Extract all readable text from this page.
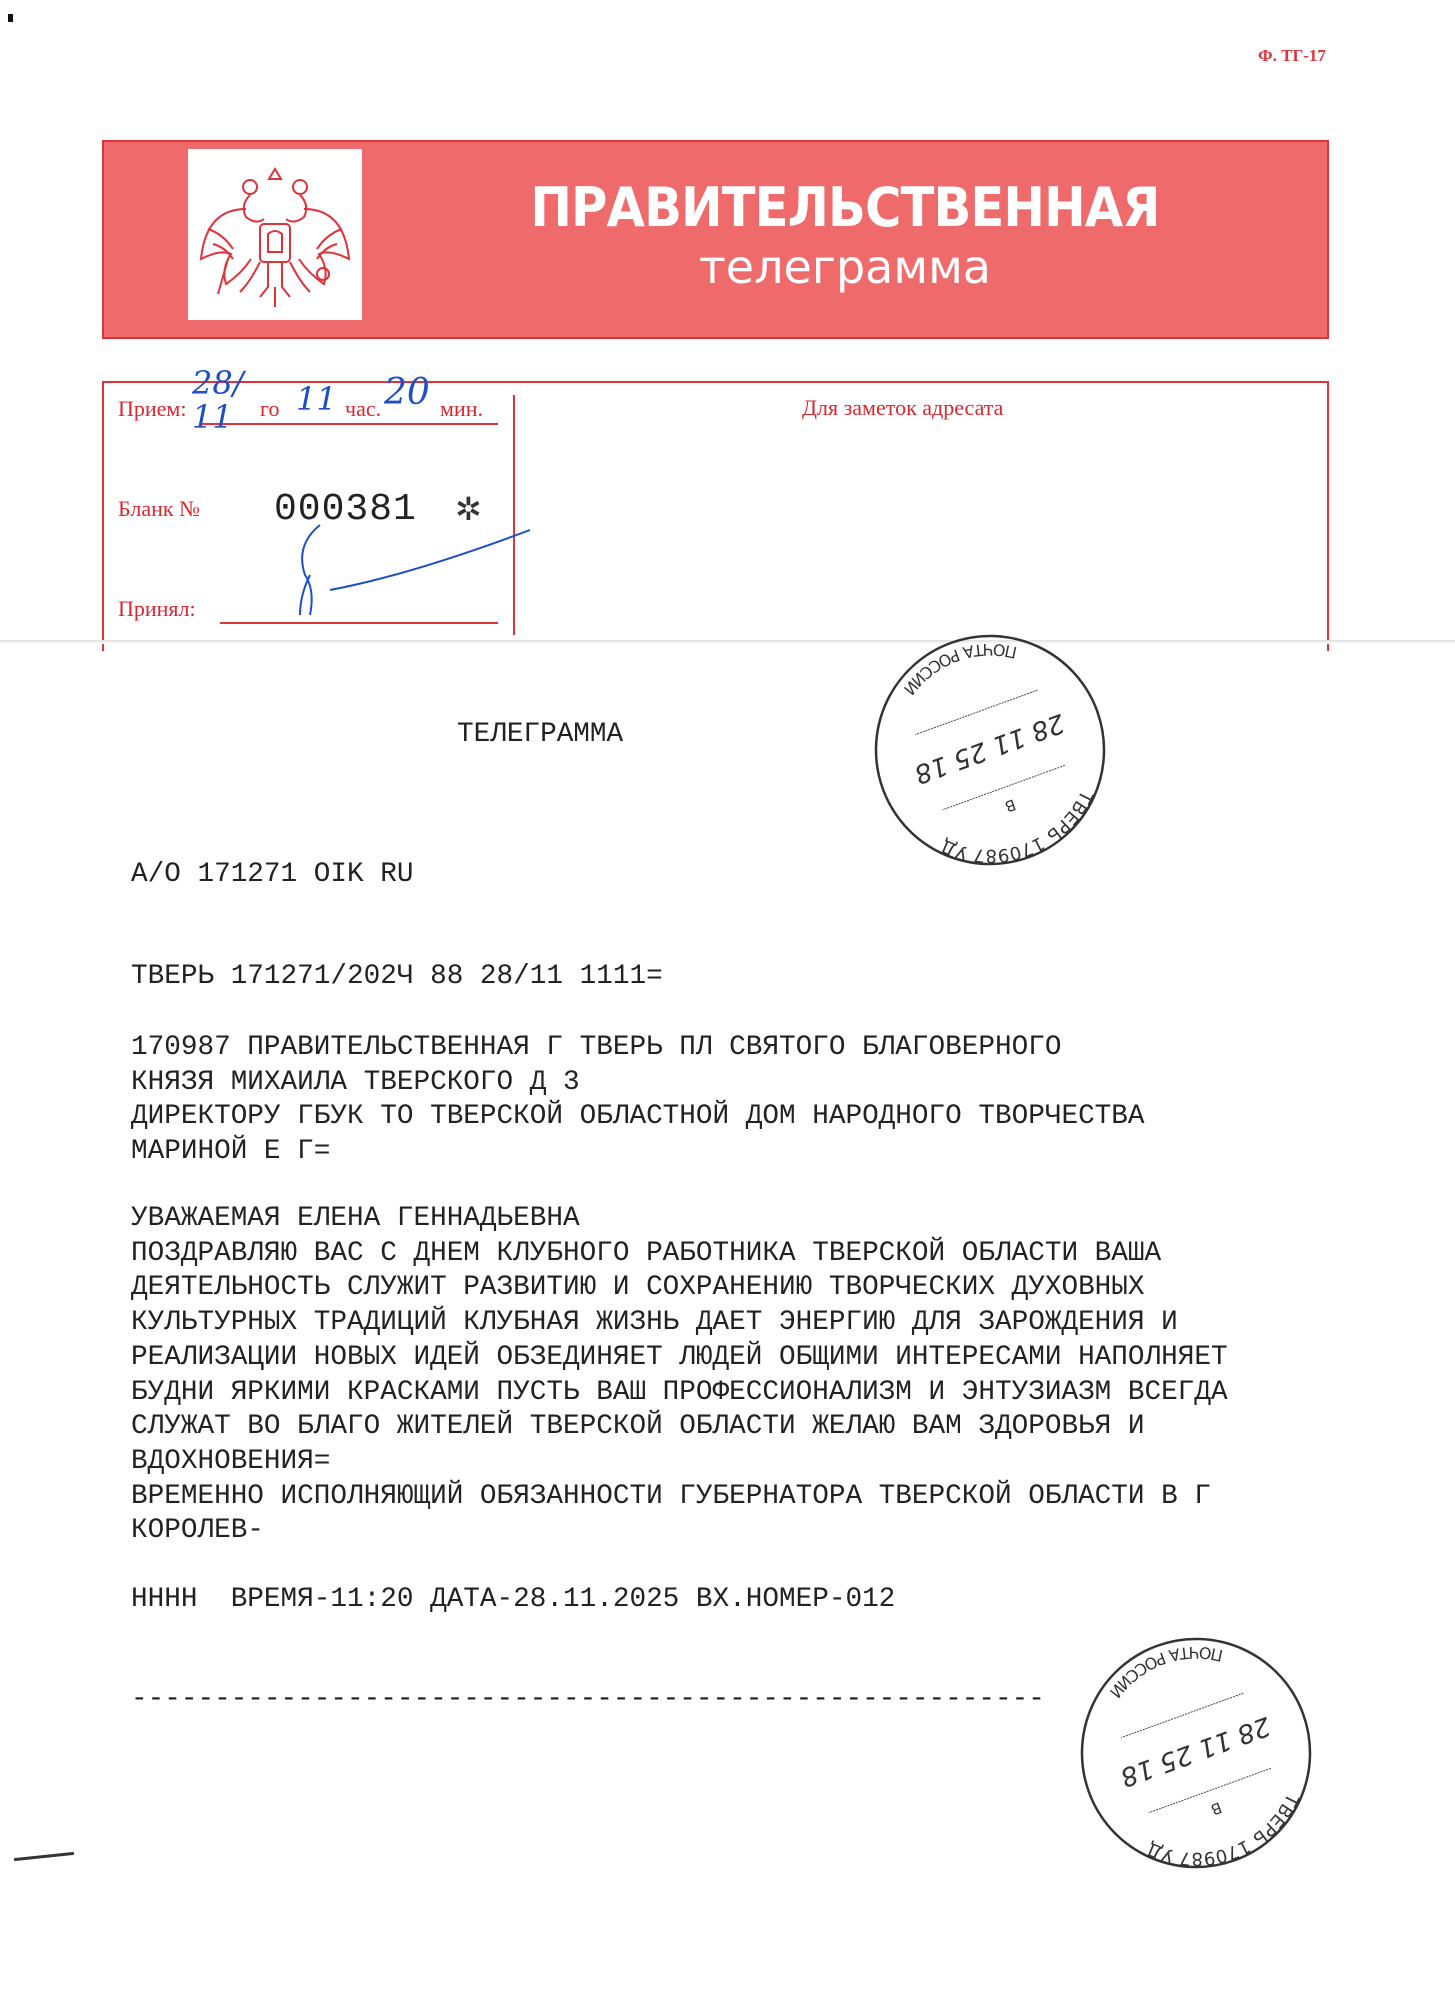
Ф. ТГ-17
ПРАВИТЕЛЬСТВЕННАЯ
телеграмма
Прием:	го	час.	мин.
28/11	11 20
Бланк № 000381 ✲
Принял:
Для заметок адресата
ТЕЛЕГРАММА
А/О 171271 OIK RU
ТВЕРЬ 171271/202Ч 88 28/11 1111=
170987 ПРАВИТЕЛЬСТВЕННАЯ Г ТВЕРЬ ПЛ СВЯТОГО БЛАГОВЕРНОГО
КНЯЗЯ МИХАИЛА ТВЕРСКОГО Д 3
ДИРЕКТОРУ ГБУК ТО ТВЕРСКОЙ ОБЛАСТНОЙ ДОМ НАРОДНОГО ТВОРЧЕСТВА
МАРИНОЙ Е Г=
УВАЖАЕМАЯ ЕЛЕНА ГЕННАДЬЕВНА
ПОЗДРАВЛЯЮ ВАС С ДНЕМ КЛУБНОГО РАБОТНИКА ТВЕРСКОЙ ОБЛАСТИ ВАША
ДЕЯТЕЛЬНОСТЬ СЛУЖИТ РАЗВИТИЮ И СОХРАНЕНИЮ ТВОРЧЕСКИХ ДУХОВНЫХ
КУЛЬТУРНЫХ ТРАДИЦИЙ КЛУБНАЯ ЖИЗНЬ ДАЕТ ЭНЕРГИЮ ДЛЯ ЗАРОЖДЕНИЯ И
РЕАЛИЗАЦИИ НОВЫХ ИДЕЙ ОБЗЕДИНЯЕТ ЛЮДЕЙ ОБЩИМИ ИНТЕРЕСАМИ НАПОЛНЯЕТ
БУДНИ ЯРКИМИ КРАСКАМИ ПУСТЬ ВАШ ПРОФЕССИОНАЛИЗМ И ЭНТУЗИАЗМ ВСЕГДА
СЛУЖАТ ВО БЛАГО ЖИТЕЛЕЙ ТВЕРСКОЙ ОБЛАСТИ ЖЕЛАЮ ВАМ ЗДОРОВЬЯ И
ВДОХНОВЕНИЯ=
ВРЕМЕННО ИСПОЛНЯЮЩИЙ ОБЯЗАННОСТИ ГУБЕРНАТОРА ТВЕРСКОЙ ОБЛАСТИ В Г
КОРОЛЕВ-
НННН  ВРЕМЯ-11:20 ДАТА-28.11.2025 ВХ.НОМЕР-012
-------------------------------------------------------
ТВЕРЬ 170987 УД
ПОЧТА РОССИИ
28 11 25 18
В
ТВЕРЬ 170987 УД
ПОЧТА РОССИИ
28 11 25 18
В
